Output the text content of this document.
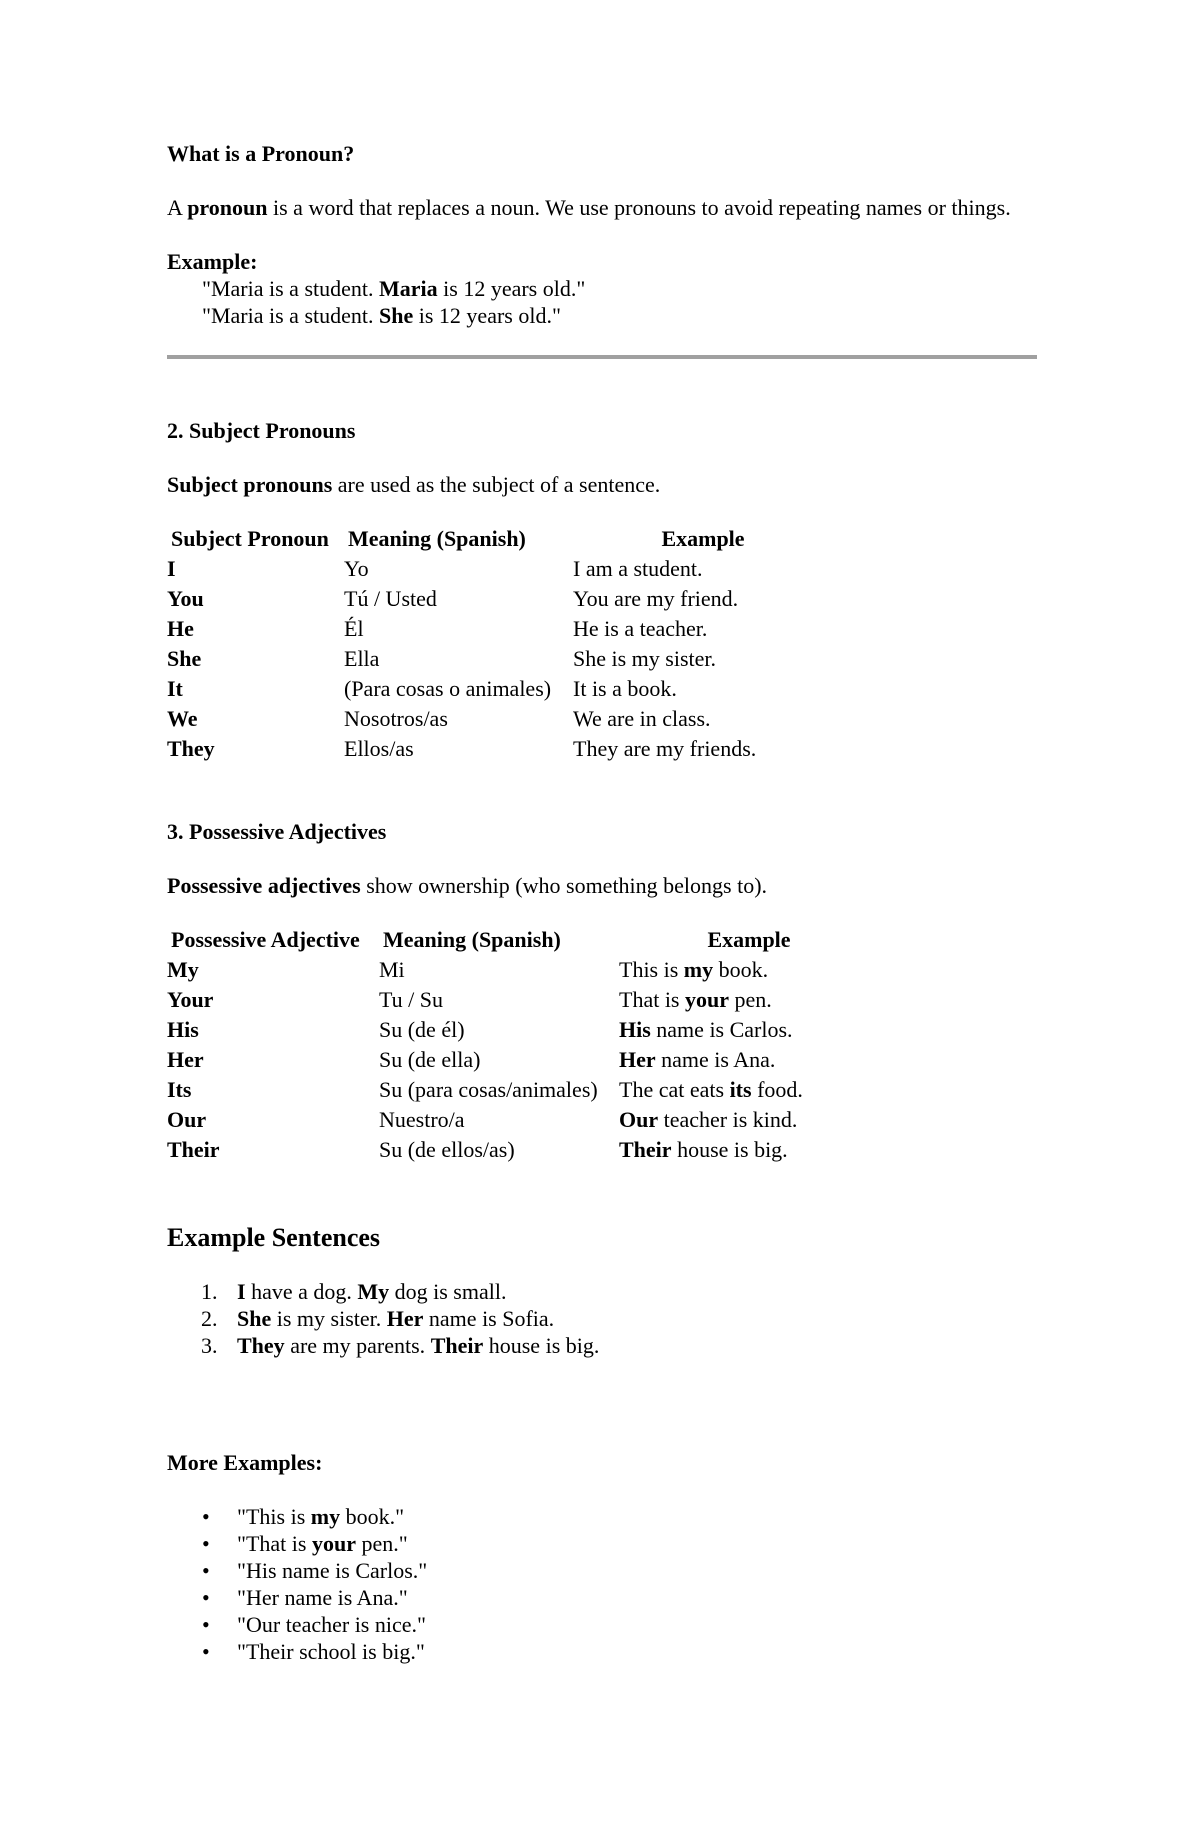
What is a Pronoun?

A pronoun is a word that replaces a noun. We use pronouns to avoid repeating names or things.

Example:

"Maria is a student. Maria is 12 years old."

"Maria is a student. She is 12 years old."

2. Subject Pronouns

Subject pronouns are used as the subject of a sentence.

Subject Pronoun	Meaning (Spanish)	Example
I	Yo	I am a student.
You	Tú / Usted	You are my friend.
He	Él	He is a teacher.
She	Ella	She is my sister.
It	(Para cosas o animales)	It is a book.
We	Nosotros/as	We are in class.
They	Ellos/as	They are my friends.

3. Possessive Adjectives

Possessive adjectives show ownership (who something belongs to).

Possessive Adjective	Meaning (Spanish)	Example
My	Mi	This is my book.
Your	Tu / Su	That is your pen.
His	Su (de él)	His name is Carlos.
Her	Su (de ella)	Her name is Ana.
Its	Su (para cosas/animales)	The cat eats its food.
Our	Nuestro/a	Our teacher is kind.
Their	Su (de ellos/as)	Their house is big.

Example Sentences

1. I have a dog. My dog is small.
2. She is my sister. Her name is Sofia.
3. They are my parents. Their house is big.

More Examples:

• "This is my book."
• "That is your pen."
• "His name is Carlos."
• "Her name is Ana."
• "Our teacher is nice."
• "Their school is big."
